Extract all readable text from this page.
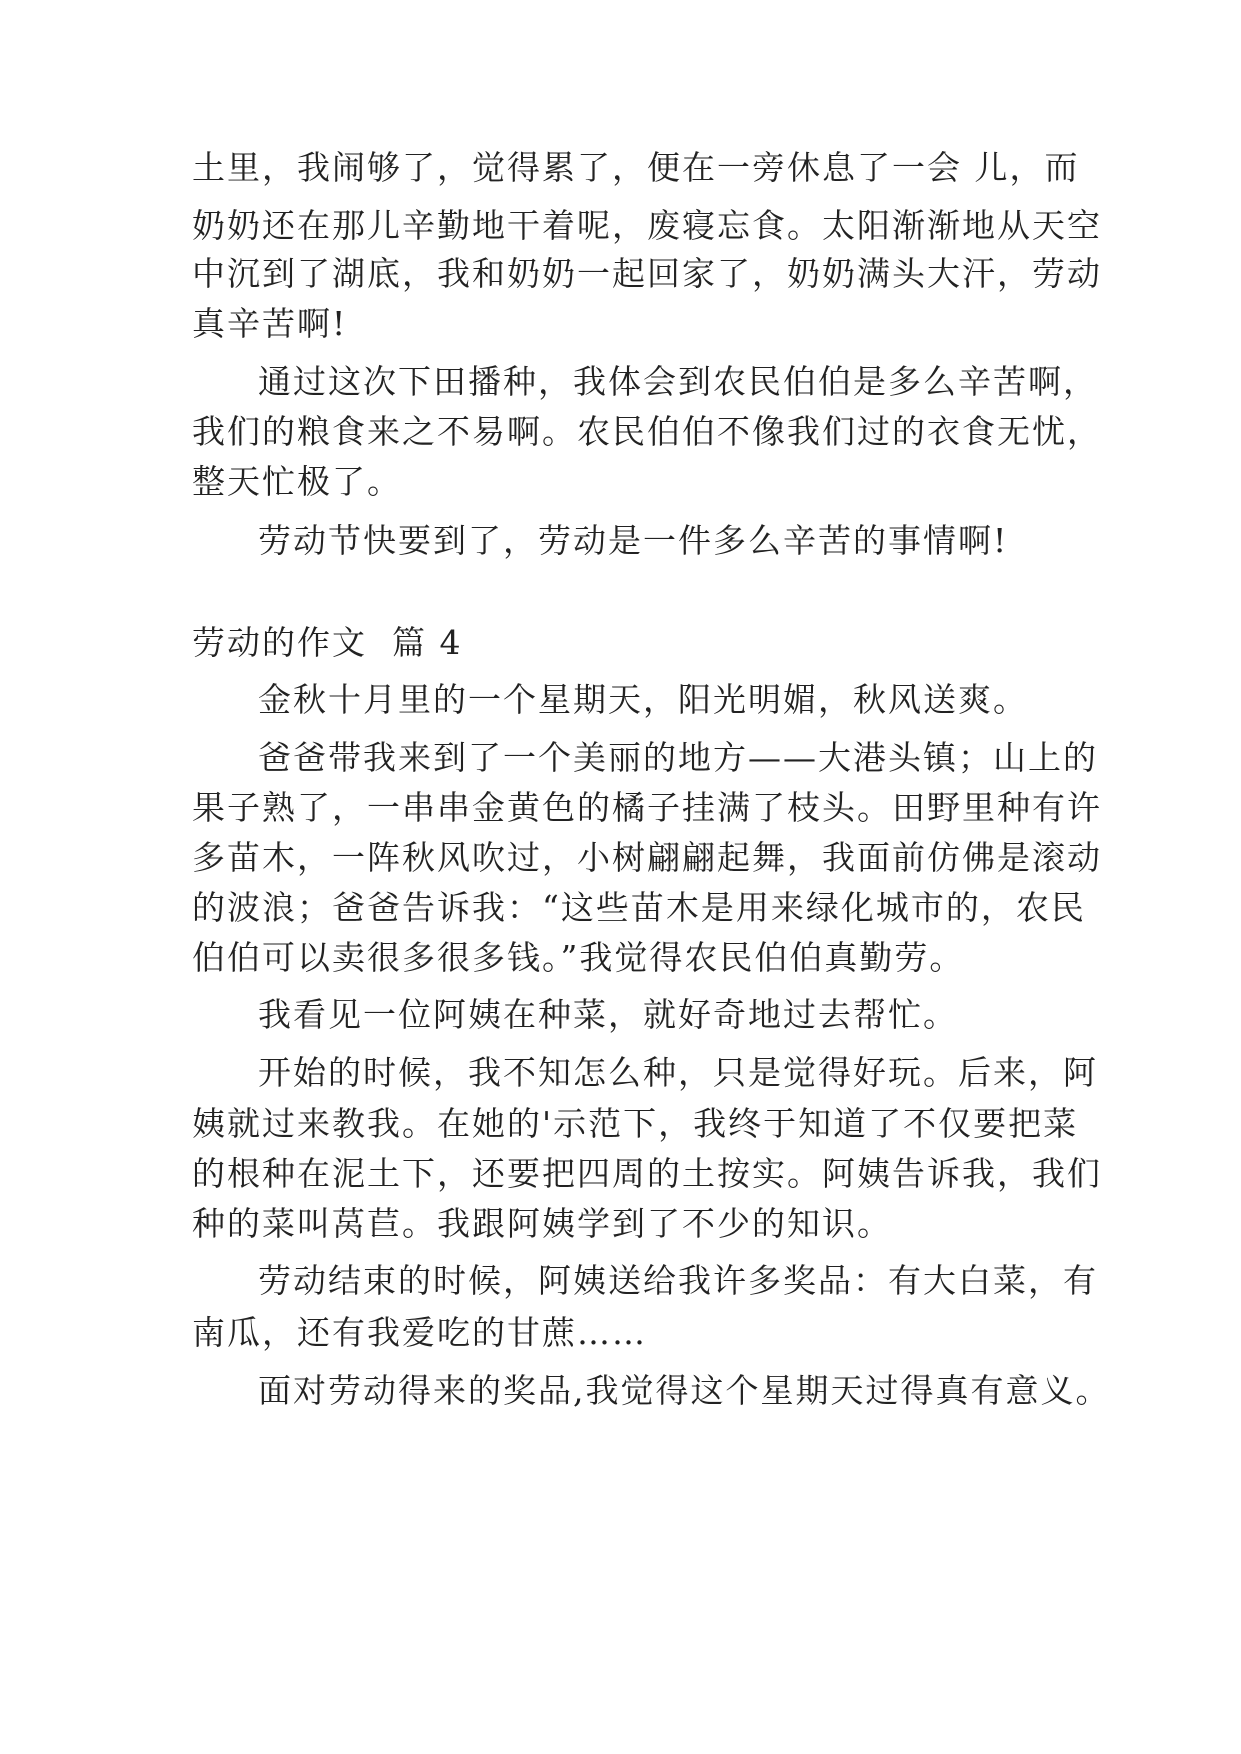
土里，我闹够了，觉得累了，便在一旁休息了一会 儿，而
奶奶还在那儿辛勤地干着呢，废寝忘食。太阳渐渐地从天空
中沉到了湖底，我和奶奶一起回家了，奶奶满头大汗，劳动
真辛苦啊!
通过这次下田播种，我体会到农民伯伯是多么辛苦啊，
我们的粮食来之不易啊。农民伯伯不像我们过的衣食无忧，
整天忙极了。
劳动节快要到了，劳动是一件多么辛苦的事情啊!
劳动的作文  篇 4
金秋十月里的一个星期天，阳光明媚，秋风送爽。
爸爸带我来到了一个美丽的地方——大港头镇；山上的
果子熟了，一串串金黄色的橘子挂满了枝头。田野里种有许
多苗木，一阵秋风吹过，小树翩翩起舞，我面前仿佛是滚动
的波浪；爸爸告诉我：“这些苗木是用来绿化城市的，农民
伯伯可以卖很多很多钱。”我觉得农民伯伯真勤劳。
我看见一位阿姨在种菜，就好奇地过去帮忙。
开始的时候，我不知怎么种，只是觉得好玩。后来，阿
姨就过来教我。在她的'示范下，我终于知道了不仅要把菜
的根种在泥土下，还要把四周的土按实。阿姨告诉我，我们
种的菜叫莴苣。我跟阿姨学到了不少的知识。
劳动结束的时候，阿姨送给我许多奖品：有大白菜，有
南瓜，还有我爱吃的甘蔗……
面对劳动得来的奖品,我觉得这个星期天过得真有意义。
